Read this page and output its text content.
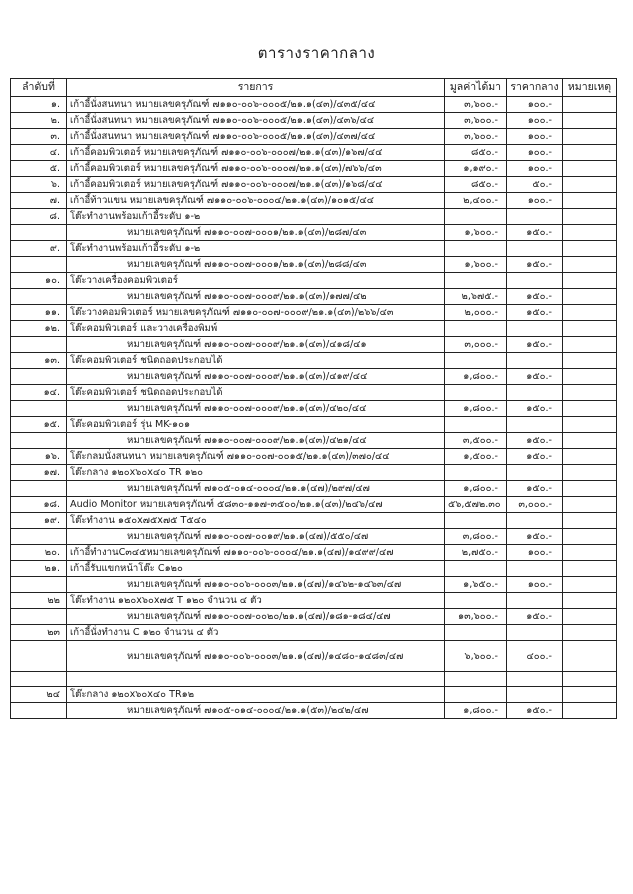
ตารางราคากลาง
ลำดับที่	รายการ	มูลค่าได้มา	ราคากลาง	หมายเหตุ
๑.	เก้าอี้นั่งสนทนา หมายเลขครุภัณฑ์ ๗๑๑๐-๐๐๖-๐๐๐๕/๒๑.๑(๔๓)/๔๓๕/๔๔	๓,๖๐๐.-	๑๐๐.-	
๒.	เก้าอี้นั่งสนทนา หมายเลขครุภัณฑ์ ๗๑๑๐-๐๐๖-๐๐๐๕/๒๑.๑(๔๓)/๔๓๖/๔๔	๓,๖๐๐.-	๑๐๐.-	
๓.	เก้าอี้นั่งสนทนา หมายเลขครุภัณฑ์ ๗๑๑๐-๐๐๖-๐๐๐๕/๒๑.๑(๔๓)/๔๓๗/๔๔	๓,๖๐๐.-	๑๐๐.-	
๔.	เก้าอี้คอมพิวเตอร์ หมายเลขครุภัณฑ์ ๗๑๑๐-๐๐๖-๐๐๐๗/๒๑.๑(๔๓)/๑๖๗/๔๔	๘๕๐.-	๑๐๐.-	
๕.	เก้าอี้คอมพิวเตอร์ หมายเลขครุภัณฑ์ ๗๑๑๐-๐๐๖-๐๐๐๗/๒๑.๑(๔๓)/๗๖๖/๔๓	๑,๑๙๐.-	๑๐๐.-	
๖.	เก้าอี้คอมพิวเตอร์ หมายเลขครุภัณฑ์ ๗๑๑๐-๐๐๖-๐๐๐๗/๒๑.๑(๔๓)/๑๖๘/๔๔	๘๕๐.-	๕๐.-	
๗.	เก้าอี้ท้าวแขน หมายเลขครุภัณฑ์ ๗๑๑๐-๐๐๖-๐๐๐๔/๒๑.๑(๔๓)/๑๐๑๕/๔๔	๒,๔๐๐.-	๑๐๐.-	
๘.	โต๊ะทำงานพร้อมเก้าอี้ระดับ ๑-๒			
	หมายเลขครุภัณฑ์ ๗๑๑๐-๐๐๗-๐๐๐๑/๒๑.๑(๔๓)/๒๘๗/๔๓	๑,๖๐๐.-	๑๕๐.-	
๙.	โต๊ะทำงานพร้อมเก้าอี้ระดับ ๑-๒			
	หมายเลขครุภัณฑ์ ๗๑๑๐-๐๐๗-๐๐๐๑/๒๑.๑(๔๓)/๒๘๘/๔๓	๑,๖๐๐.-	๑๕๐.-	
๑๐.	โต๊ะวางเครื่องคอมพิวเตอร์			
	หมายเลขครุภัณฑ์ ๗๑๑๐-๐๐๗-๐๐๐๙/๒๑.๑(๔๓)/๑๗๗/๔๒	๒,๖๗๕.-	๑๕๐.-	
๑๑.	โต๊ะวางคอมพิวเตอร์ หมายเลขครุภัณฑ์ ๗๑๑๐-๐๐๗-๐๐๐๙/๒๑.๑(๔๓)/๒๖๖/๔๓	๒,๐๐๐.-	๑๕๐.-	
๑๒.	โต๊ะคอมพิวเตอร์ และวางเครื่องพิมพ์			
	หมายเลขครุภัณฑ์ ๗๑๑๐-๐๐๗-๐๐๐๙/๒๑.๑(๔๓)/๔๑๘/๔๑	๓,๐๐๐.-	๑๕๐.-	
๑๓.	โต๊ะคอมพิวเตอร์ ชนิดถอดประกอบได้			
	หมายเลขครุภัณฑ์ ๗๑๑๐-๐๐๗-๐๐๐๙/๒๑.๑(๔๓)/๔๑๙/๔๔	๑,๘๐๐.-	๑๕๐.-	
๑๔.	โต๊ะคอมพิวเตอร์ ชนิดถอดประกอบได้			
	หมายเลขครุภัณฑ์ ๗๑๑๐-๐๐๗-๐๐๐๙/๒๑.๑(๔๓)/๔๒๐/๔๔	๑,๘๐๐.-	๑๕๐.-	
๑๕.	โต๊ะคอมพิวเตอร์ รุ่น MK-๑๐๑			
	หมายเลขครุภัณฑ์ ๗๑๑๐-๐๐๗-๐๐๐๙/๒๑.๑(๔๓)/๔๒๑/๔๔	๓,๕๐๐.-	๑๕๐.-	
๑๖.	โต๊ะกลมนั่งสนทนา หมายเลขครุภัณฑ์ ๗๑๑๐-๐๐๗-๐๐๑๕/๒๑.๑(๔๓)/๓๗๐/๔๔	๑,๕๐๐.-	๑๕๐.-	
๑๗.	โต๊ะกลาง ๑๒๐x๖๐x๔๐ TR ๑๒๐			
	หมายเลขครุภัณฑ์ ๗๑๐๕-๐๑๔-๐๐๐๔/๒๑.๑(๔๗)/๒๙๗/๔๗	๑,๘๐๐.-	๑๕๐.-	
๑๘.	Audio Monitor หมายเลขครุภัณฑ์ ๕๘๓๐-๑๑๗-๓๕๐๐/๒๑.๑(๔๓)/๒๔๖/๔๗	๕๖,๕๗๒.๓๐	๓,๐๐๐.-	
๑๙.	โต๊ะทำงาน ๑๕๐x๗๕x๗๕ T๕๔๐			
	หมายเลขครุภัณฑ์ ๗๑๑๐-๐๐๗-๐๐๑๙/๒๑.๑(๔๗)/๕๕๐/๔๗	๓,๘๐๐.-	๑๕๐.-	
๒๐.	เก้าอี้ทำงานC๓๔๕หมายเลขครุภัณฑ์ ๗๑๑๐-๐๐๖-๐๐๐๔/๒๑.๑(๔๗)/๑๔๙๙/๔๗	๒,๗๕๐.-	๑๐๐.-	
๒๑.	เก้าอี้รับแขกหน้าโต๊ะ C๑๒๐			
	หมายเลขครุภัณฑ์ ๗๑๑๐-๐๐๖-๐๐๐๓/๒๑.๑(๔๗)/๑๔๖๒-๑๔๖๓/๔๗	๑,๖๕๐.-	๑๐๐.-	
๒๒	โต๊ะทำงาน ๑๒๐x๖๐x๗๕ T ๑๒๐ จำนวน ๔ ตัว			
	หมายเลขครุภัณฑ์ ๗๑๑๐-๐๐๗-๐๐๒๐/๒๑.๑(๔๗)/๑๘๑-๑๘๔/๔๗	๑๓,๖๐๐.-	๑๕๐.-	
๒๓	เก้าอี้นั่งทำงาน C ๑๒๐ จำนวน ๔ ตัว			
	หมายเลขครุภัณฑ์ ๗๑๑๐-๐๐๖-๐๐๐๓/๒๑.๑(๔๗)/๑๔๘๐-๑๔๘๓/๔๗	๖,๖๐๐.-	๔๐๐.-	

๒๔	โต๊ะกลาง ๑๒๐x๖๐x๔๐ TR๑๒			
	หมายเลขครุภัณฑ์ ๗๑๐๕-๐๑๔-๐๐๐๔/๒๑.๑(๕๓)/๒๔๒/๔๗	๑,๘๐๐.-	๑๕๐.-	
